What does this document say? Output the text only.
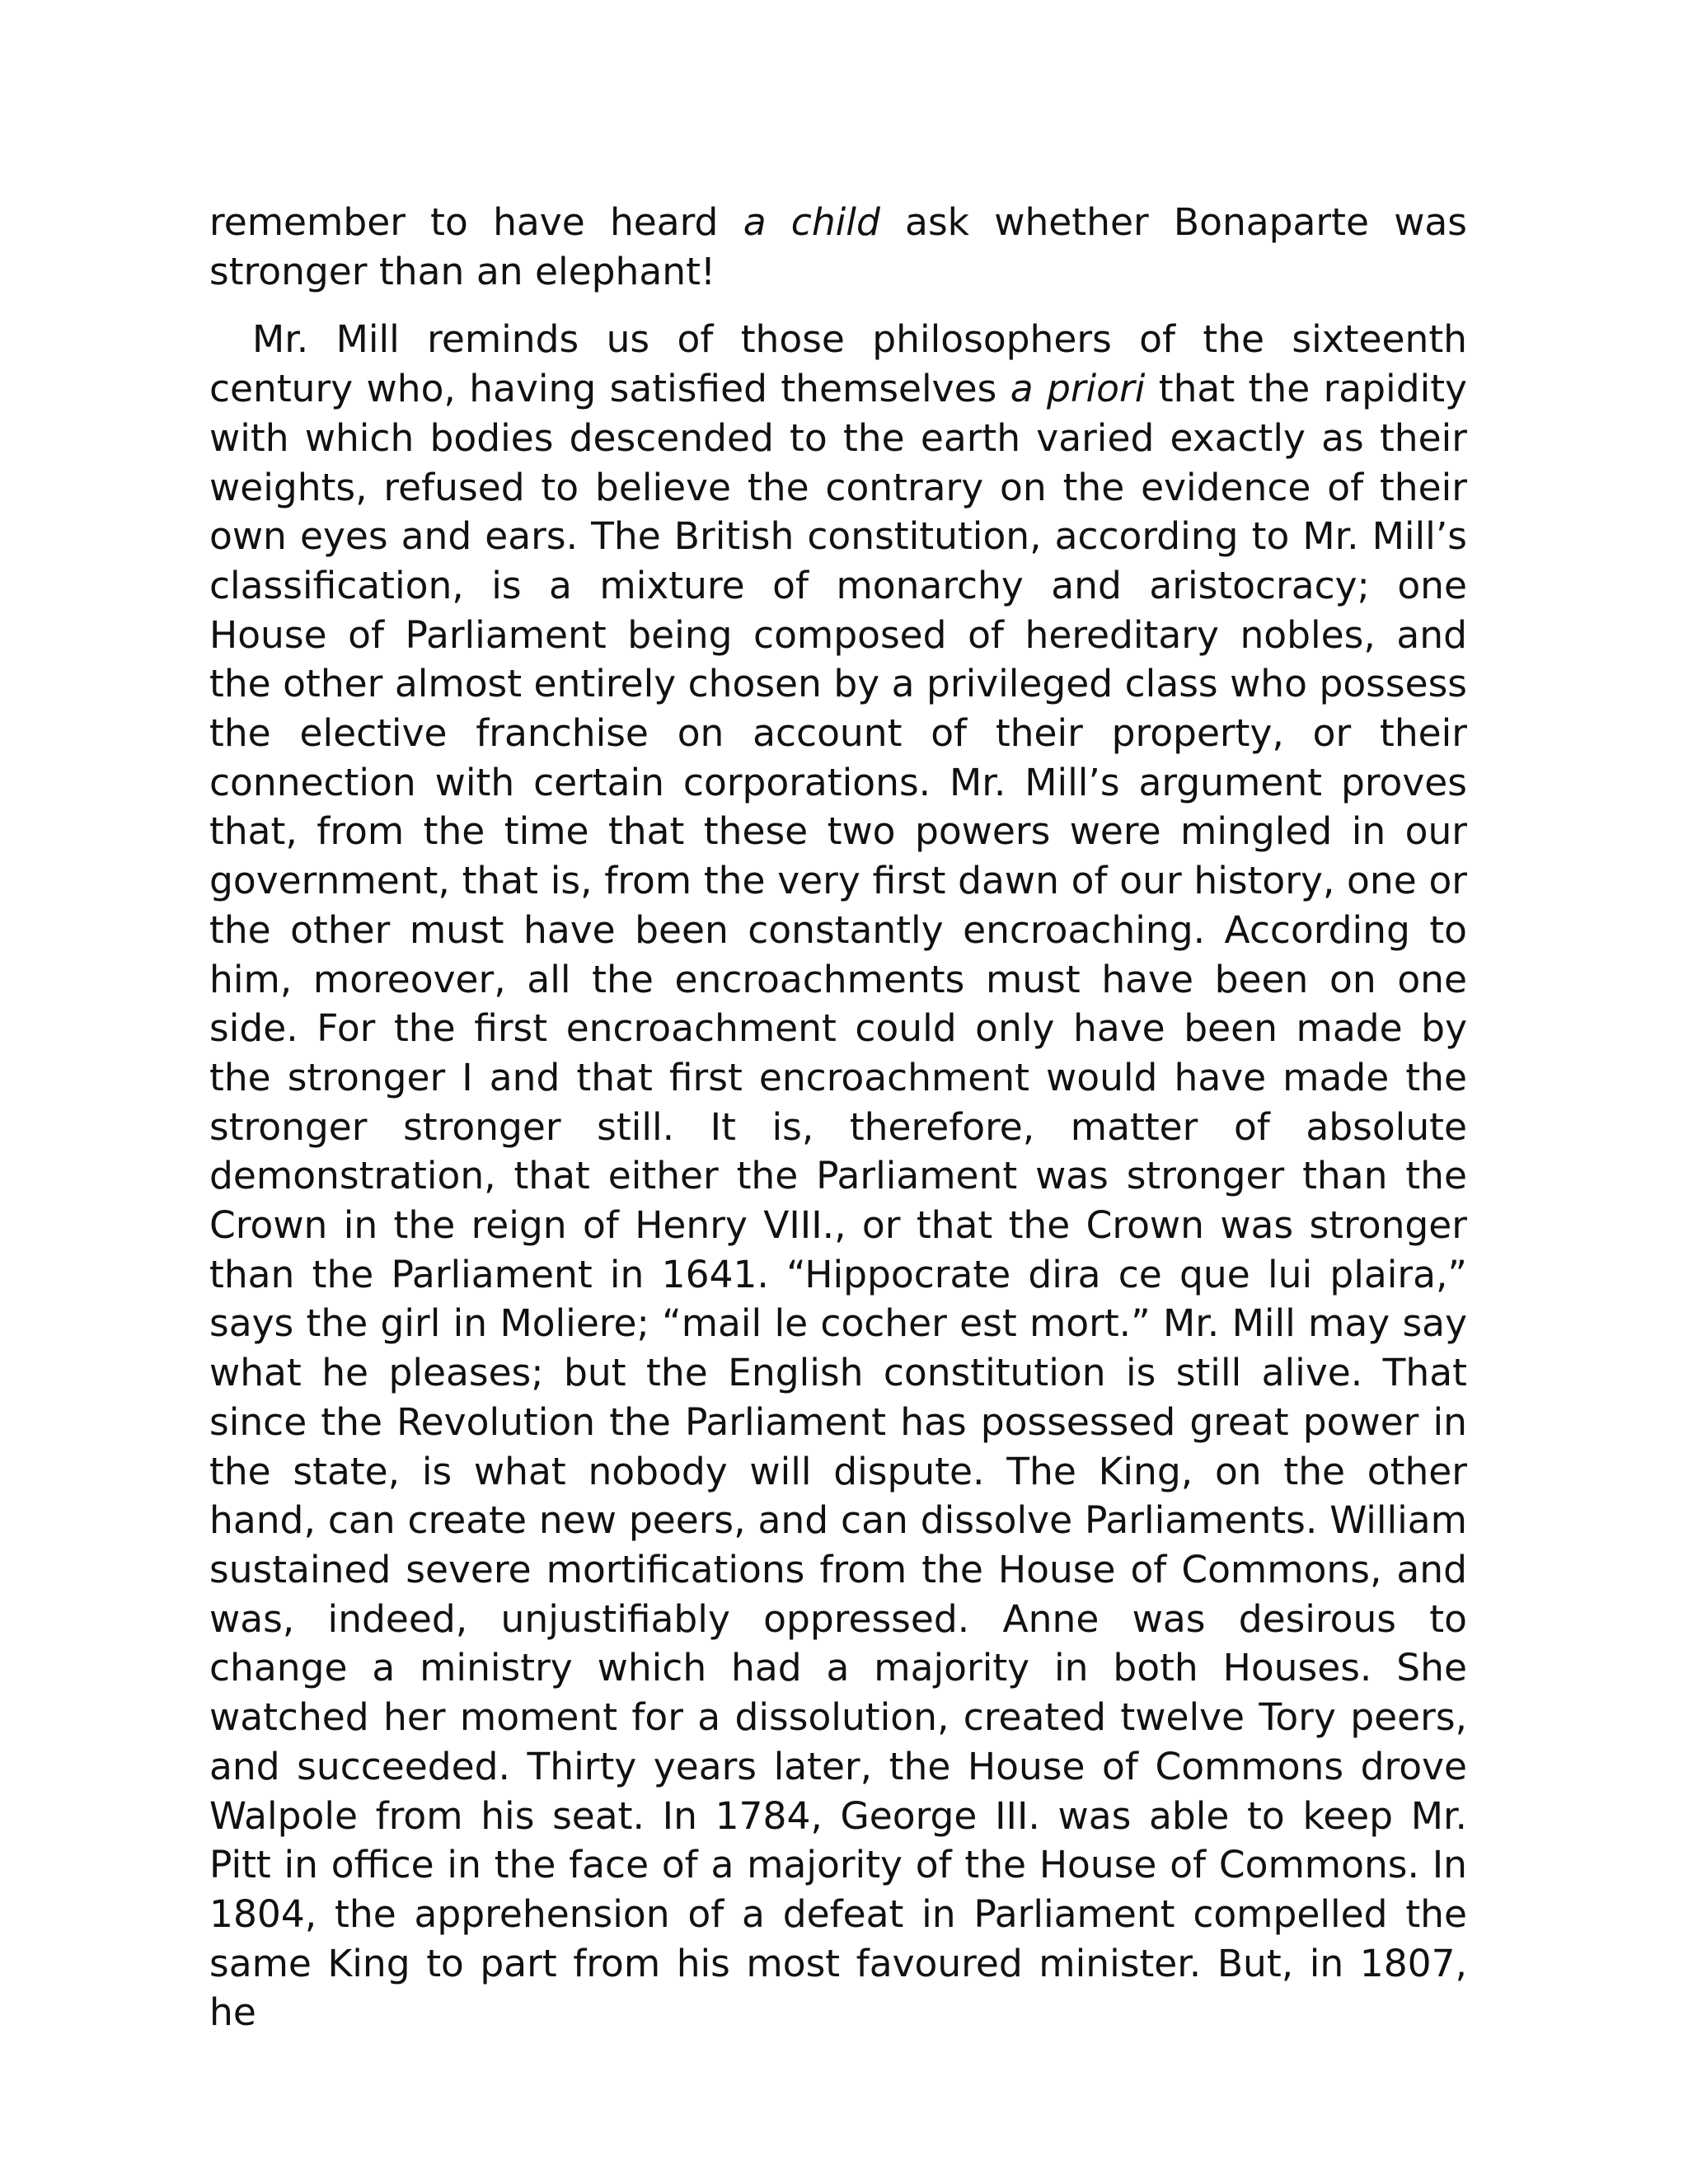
remember to have heard a child ask whether Bonaparte was stronger than an elephant!

Mr. Mill reminds us of those philosophers of the sixteenth century who, having satisfied themselves a priori that the rapidity with which bodies descended to the earth varied exactly as their weights, refused to believe the contrary on the evidence of their own eyes and ears. The British constitution, according to Mr. Mill’s classification, is a mixture of monarchy and aristocracy; one House of Parliament being composed of hereditary nobles, and the other almost entirely chosen by a privileged class who possess the elective franchise on account of their property, or their connection with certain corporations. Mr. Mill’s argument proves that, from the time that these two powers were mingled in our government, that is, from the very first dawn of our history, one or the other must have been constantly encroaching. According to him, moreover, all the encroachments must have been on one side. For the first encroachment could only have been made by the stronger I and that first encroachment would have made the stronger stronger still. It is, therefore, matter of absolute demonstration, that either the Parliament was stronger than the Crown in the reign of Henry VIII., or that the Crown was stronger than the Parliament in 1641. “Hippocrate dira ce que lui plaira,” says the girl in Moliere; “mail le cocher est mort.” Mr. Mill may say what he pleases; but the English constitution is still alive. That since the Revolution the Parliament has possessed great power in the state, is what nobody will dispute. The King, on the other hand, can create new peers, and can dissolve Parliaments. William sustained severe mortifications from the House of Commons, and was, indeed, unjustifiably oppressed. Anne was desirous to change a ministry which had a majority in both Houses. She watched her moment for a dissolution, created twelve Tory peers, and succeeded. Thirty years later, the House of Commons drove Walpole from his seat. In 1784, George III. was able to keep Mr. Pitt in office in the face of a majority of the House of Commons. In 1804, the apprehension of a defeat in Parliament compelled the same King to part from his most favoured minister. But, in 1807, he
